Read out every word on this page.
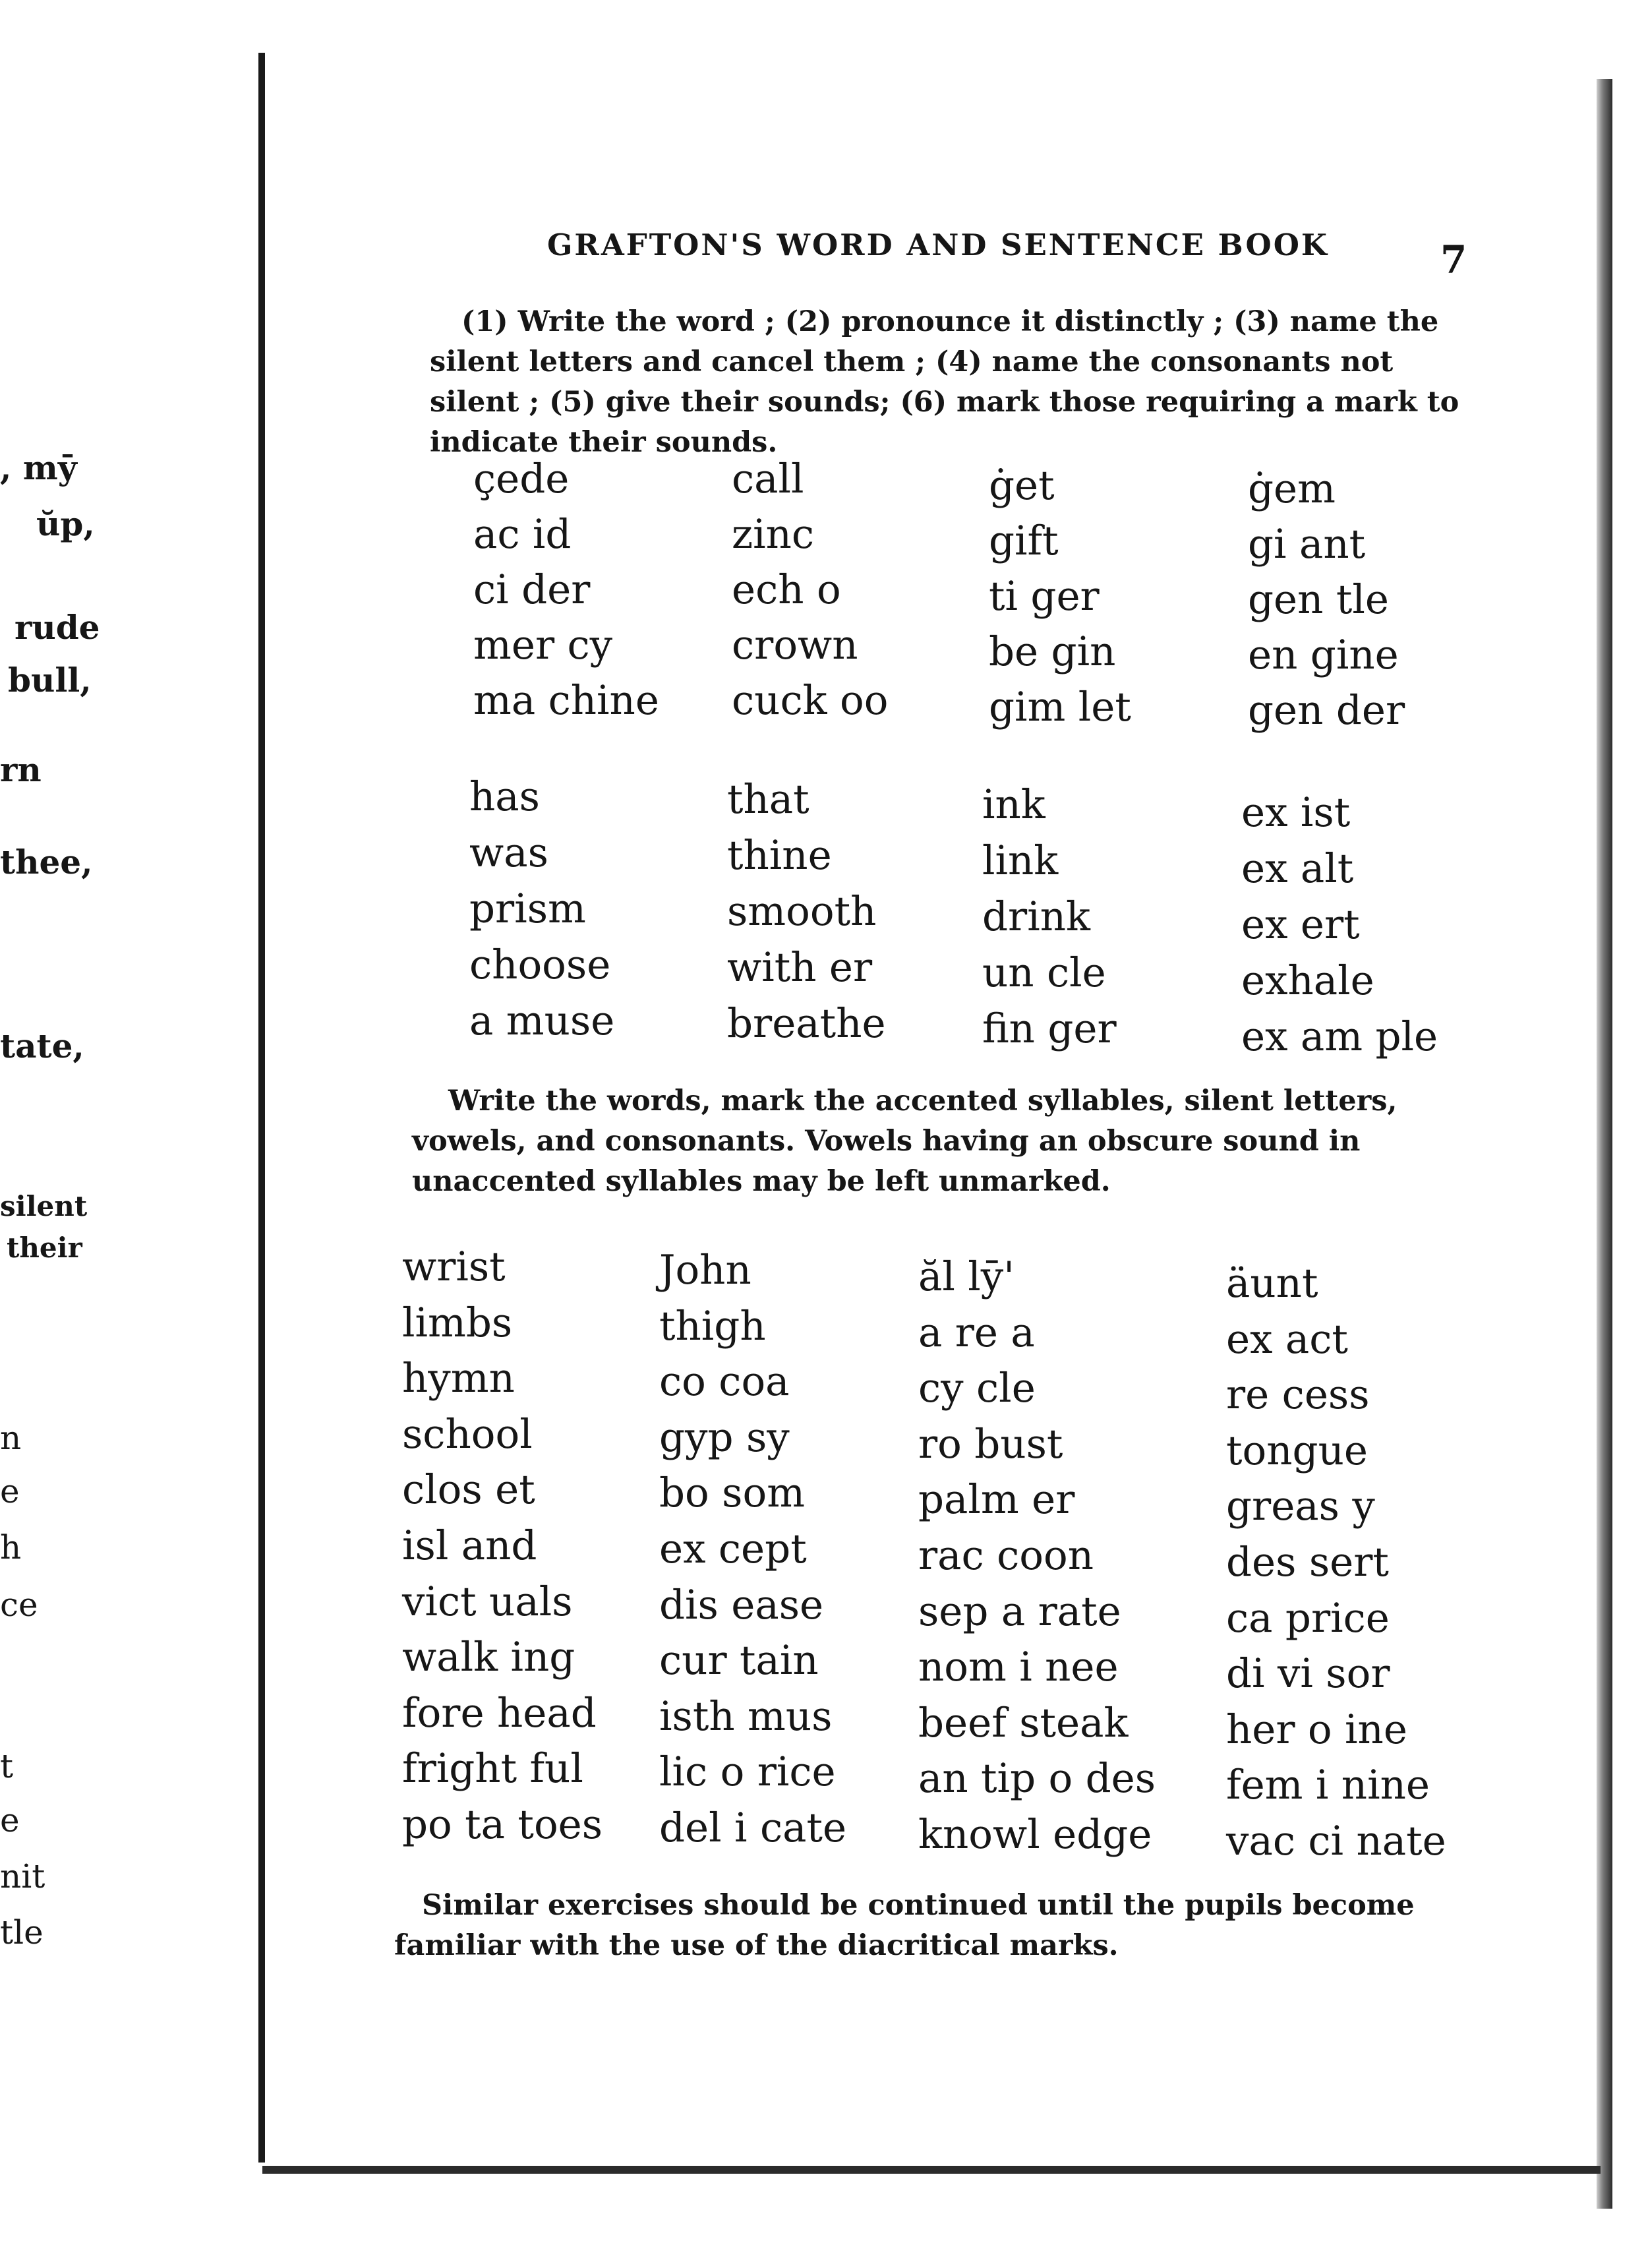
, mȳ
ŭp,
rude
bull,
rn
thee,
tate,
silent
their
n
e
h
ce
t
e
nit
tle
GRAFTON'S WORD AND SENTENCE BOOK	7
(1) Write the word ; (2) pronounce it distinctly ; (3) name the silent letters and cancel them ; (4) name the consonants not silent ; (5) give their sounds; (6) mark those requiring a mark to indicate their sounds.
çede
ac id
ci der
mer cy
ma chine
call
zinc
ech o
crown
cuck oo
ġet
gift
ti ger
be gin
gim let
ġem
gi ant
gen tle
en gine
gen der
has
was
prism
choose
a muse
that
thine
smooth
with er
breathe
ink
link
drink
un cle
fin ger
ex ist
ex alt
ex ert
exhale
ex am ple
Write the words, mark the accented syllables, silent letters, vowels, and consonants. Vowels having an obscure sound in unaccented syllables may be left unmarked.
wrist
limbs
hymn
school
clos et
isl and
vict uals
walk ing
fore head
fright ful
po ta toes
John
thigh
co coa
gyp sy
bo som
ex cept
dis ease
cur tain
isth mus
lic o rice
del i cate
ăl lȳ'
a re a
cy cle
ro bust
palm er
rac coon
sep a rate
nom i nee
beef steak
an tip o des
knowl edge
äunt
ex act
re cess
tongue
greas y
des sert
ca price
di vi sor
her o ine
fem i nine
vac ci nate
Similar exercises should be continued until the pupils become familiar with the use of the diacritical marks.
